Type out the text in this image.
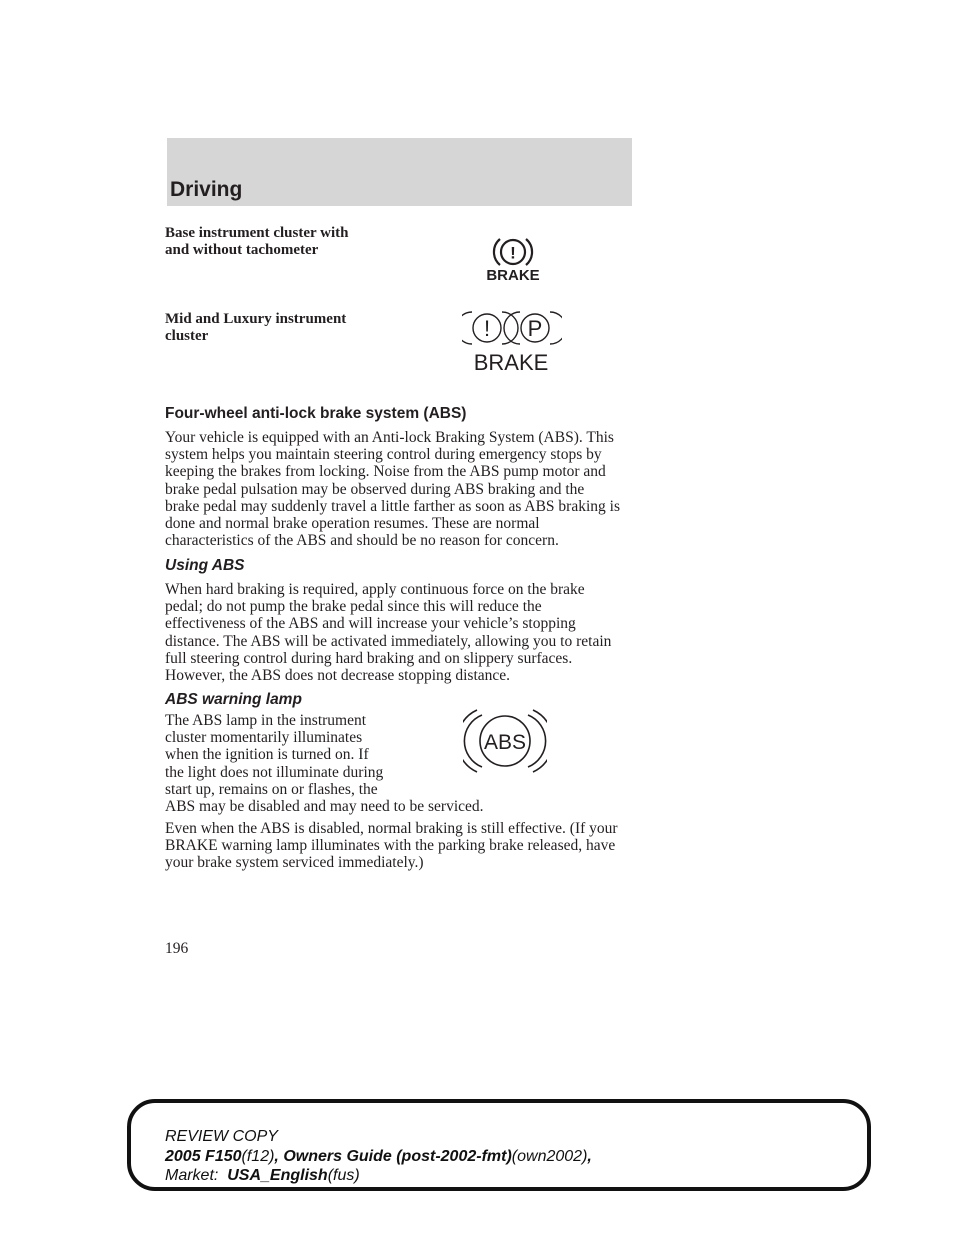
Driving
Base instrument cluster with
and without tachometer	!
BRAKE
Mid and Luxury instrument
cluster	! P
BRAKE
Four-wheel anti-lock brake system (ABS)
Your vehicle is equipped with an Anti-lock Braking System (ABS). This
system helps you maintain steering control during emergency stops by
keeping the brakes from locking. Noise from the ABS pump motor and
brake pedal pulsation may be observed during ABS braking and the
brake pedal may suddenly travel a little farther as soon as ABS braking is
done and normal brake operation resumes. These are normal
characteristics of the ABS and should be no reason for concern.
Using ABS
When hard braking is required, apply continuous force on the brake
pedal; do not pump the brake pedal since this will reduce the
effectiveness of the ABS and will increase your vehicle’s stopping
distance. The ABS will be activated immediately, allowing you to retain
full steering control during hard braking and on slippery surfaces.
However, the ABS does not decrease stopping distance.
ABS warning lamp
The ABS lamp in the instrument
cluster momentarily illuminates
when the ignition is turned on. If
the light does not illuminate during
start up, remains on or flashes, the
ABS may be disabled and may need to be serviced.
ABS
Even when the ABS is disabled, normal braking is still effective. (If your
BRAKE warning lamp illuminates with the parking brake released, have
your brake system serviced immediately.)
196
REVIEW COPY
2005 F150(f12), Owners Guide (post-2002-fmt)(own2002),
Market: USA_English(fus)
